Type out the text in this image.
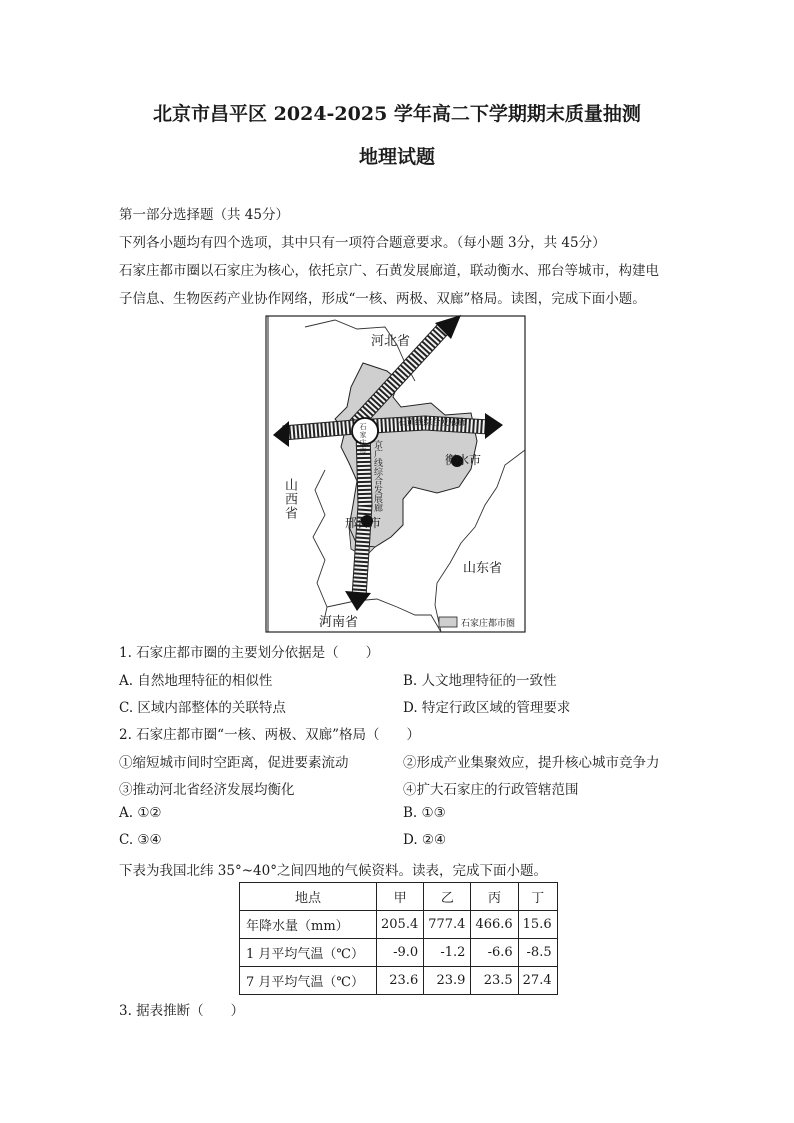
北京市昌平区 2024-2025 学年高二下学期期末质量抽测
地理试题
第一部分选择题（共 45分）
下列各小题均有四个选项，其中只有一项符合题意要求。（每小题 3分，共 45分）
石家庄都市圈以石家庄为核心，依托京广、石黄发展廊道，联动衡水、邢台等城市，构建电
子信息、生物医药产业协作网络，形成“一核、两极、双廊”格局。读图，完成下面小题。
河北省
山东省
河南省
石黄线综合发展廊
衡水市
邢台市
石家庄都市圈
山西省
石家庄市 京广线综合发展廊
1. 石家庄都市圈的主要划分依据是（　　）
A. 自然地理特征的相似性	B. 人文地理特征的一致性
C. 区域内部整体的关联特点	D. 特定行政区域的管理要求
2. 石家庄都市圈“一核、两极、双廊”格局（　　）
①缩短城市间时空距离，促进要素流动	②形成产业集聚效应，提升核心城市竞争力
③推动河北省经济发展均衡化	④扩大石家庄的行政管辖范围
A. ①②	B. ①③
C. ③④	D. ②④
下表为我国北纬 35°~40°之间四地的气候资料。读表，完成下面小题。
地点	甲	乙	丙	丁
年降水量（mm）	205.4	777.4	466.6	15.6
1 月平均气温（℃）	-9.0	-1.2	-6.6	-8.5
7 月平均气温（℃）	23.6	23.9	23.5	27.4
3. 据表推断（　　）
